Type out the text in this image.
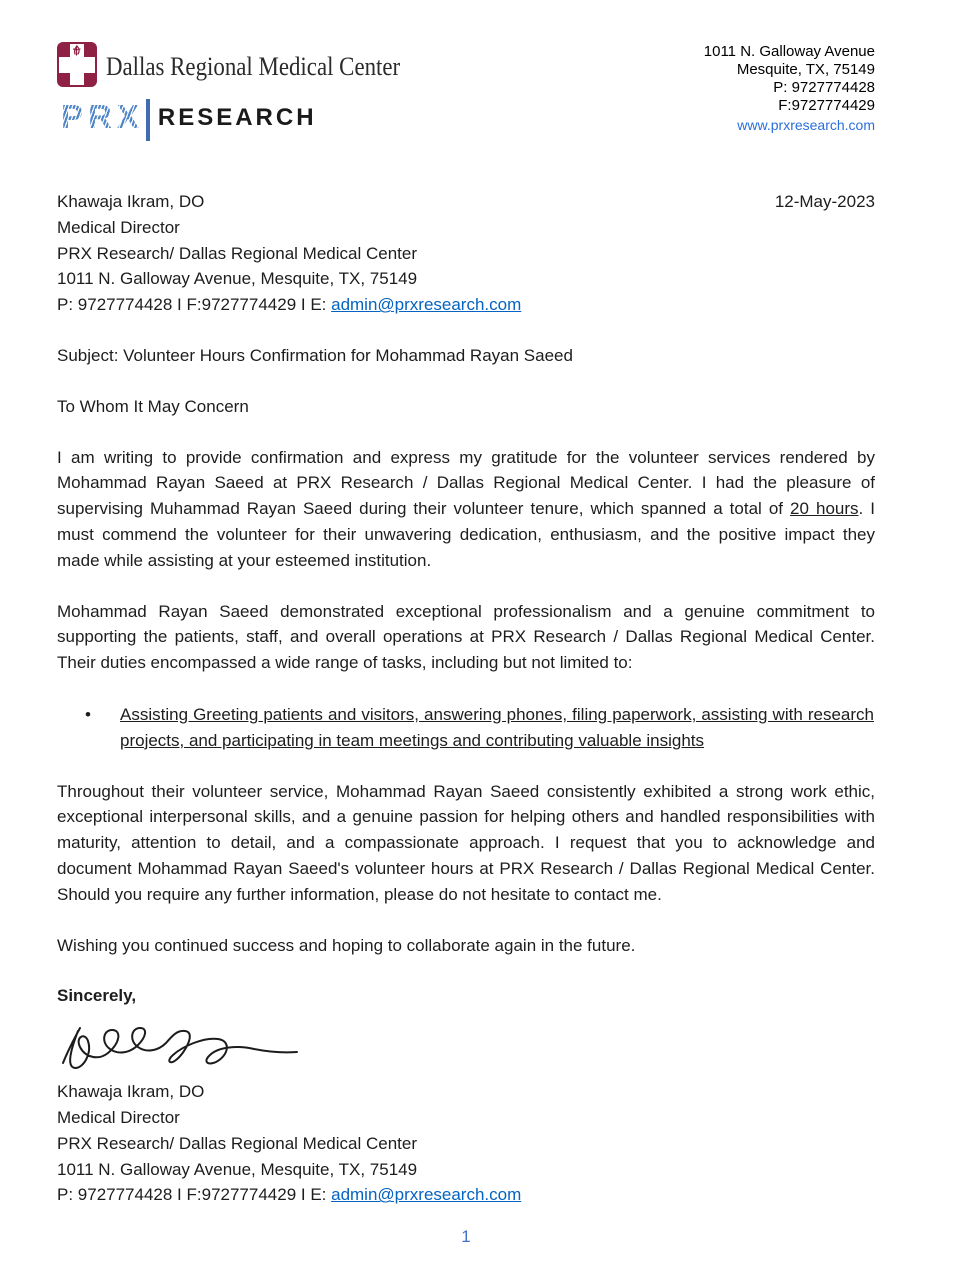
Dallas Regional Medical Center
PRX RESEARCH
1011 N. Galloway Avenue
Mesquite, TX, 75149
P: 9727774428
F:9727774429
www.prxresearch.com
Khawaja Ikram, DO	12-May-2023
Medical Director
PRX Research/ Dallas Regional Medical Center
1011 N. Galloway Avenue, Mesquite, TX, 75149
P: 9727774428 I F:9727774429 I E: admin@prxresearch.com
Subject: Volunteer Hours Confirmation for Mohammad Rayan Saeed
To Whom It May Concern

I am writing to provide confirmation and express my gratitude for the volunteer services rendered by Mohammad Rayan Saeed at PRX Research / Dallas Regional Medical Center. I had the pleasure of supervising Muhammad Rayan Saeed during their volunteer tenure, which spanned a total of 20 hours. I must commend the volunteer for their unwavering dedication, enthusiasm, and the positive impact they made while assisting at your esteemed institution.

Mohammad Rayan Saeed demonstrated exceptional professionalism and a genuine commitment to supporting the patients, staff, and overall operations at PRX Research / Dallas Regional Medical Center. Their duties encompassed a wide range of tasks, including but not limited to:

• Assisting Greeting patients and visitors, answering phones, filing paperwork, assisting with research projects, and participating in team meetings and contributing valuable insights

Throughout their volunteer service, Mohammad Rayan Saeed consistently exhibited a strong work ethic, exceptional interpersonal skills, and a genuine passion for helping others and handled responsibilities with maturity, attention to detail, and a compassionate approach. I request that you to acknowledge and document Mohammad Rayan Saeed's volunteer hours at PRX Research / Dallas Regional Medical Center. Should you require any further information, please do not hesitate to contact me.

Wishing you continued success and hoping to collaborate again in the future.
Sincerely,
Khawaja Ikram, DO
Medical Director
PRX Research/ Dallas Regional Medical Center
1011 N. Galloway Avenue, Mesquite, TX, 75149
P: 9727774428 I F:9727774429 I E: admin@prxresearch.com
1
